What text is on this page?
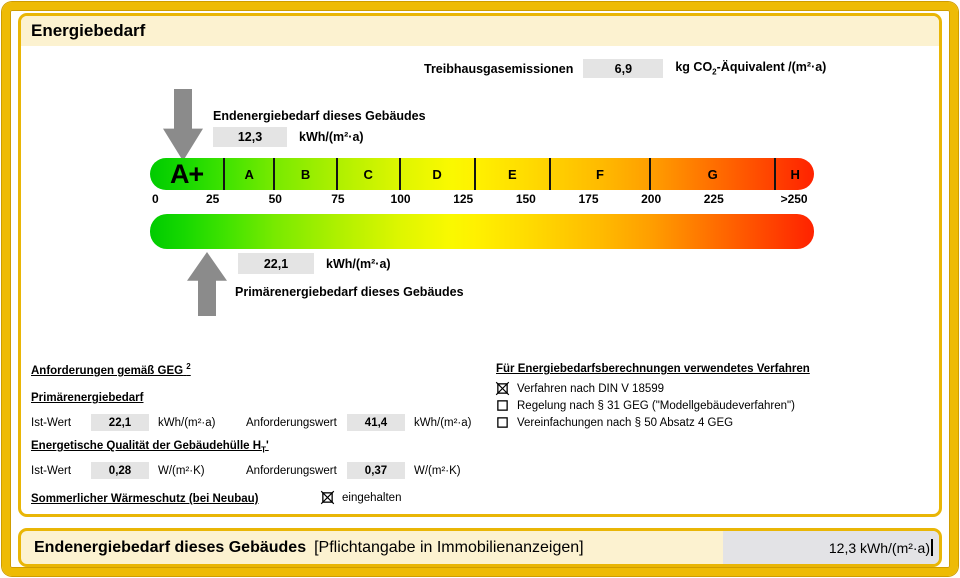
Energiebedarf
Treibhausgasemissionen	6,9	kg $CO_2$-Äquivalent /(m²·a)
Endenergiebedarf dieses Gebäudes
12,3	kWh/(m²·a)
A+	A	B	C	D	E	F	G	H
0	25	50	75	100	125	150	175	200	225	>250
22,1	kWh/(m²·a)
Primärenergiebedarf dieses Gebäudes
Anforderungen gemäß GEG $^2$
Primärenergiebedarf
Ist-Wert	22,1	kWh/(m²·a)	Anforderungswert	41,4	kWh/(m²·a)
Energetische Qualität der Gebäudehülle $H_T'$
Ist-Wert	0,28	W/(m²·K)	Anforderungswert	0,37	W/(m²·K)
Sommerlicher Wärmeschutz (bei Neubau)	eingehalten
Für Energiebedarfsberechnungen verwendetes Verfahren
Verfahren nach DIN V 18599
Regelung nach § 31 GEG ("Modellgebäudeverfahren")
Vereinfachungen nach § 50 Absatz 4 GEG
Endenergiebedarf dieses Gebäudes [Pflichtangabe in Immobilienanzeigen]	12,3 kWh/(m²·a)
